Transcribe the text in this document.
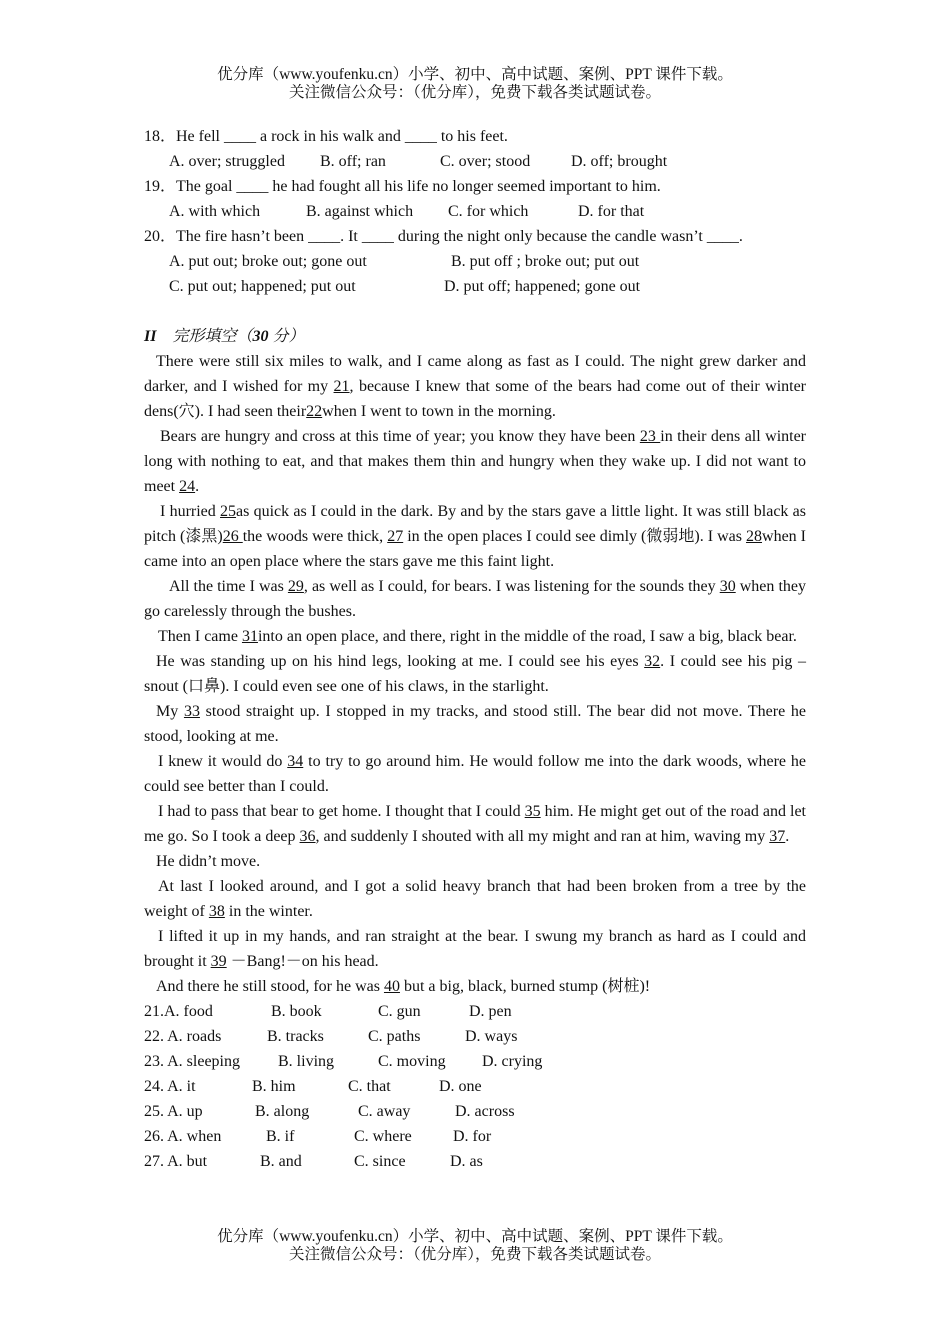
优分库（www.youfenku.cn）小学、初中、高中试题、案例、PPT 课件下载。
关注微信公众号：（优分库），免费下载各类试题试卷。
18．He fell ____ a rock in his walk and ____ to his feet.
A. over; struggled B. off; ran	C. over; stood	D. off; brought
19．The goal ____ he had fought all his life no longer seemed important to him.
A. with which	B. against which C. for which	D. for that
20．The fire hasn’t been ____. It ____ during the night only because the candle wasn’t ____.
A. put out; broke out; gone out	B. put off ; broke out; put out
C. put out; happened; put out	D. put off; happened; gone out
II 完形填空（30 分）
There were still six miles to walk, and I came along as fast as I could. The night grew darker and darker, and I wished for my 21, because I knew that some of the bears had come out of their winter dens(穴). I had seen their22when I went to town in the morning.
Bears are hungry and cross at this time of year; you know they have been 23 in their dens all winter long with nothing to eat, and that makes them thin and hungry when they wake up. I did not want to meet 24.
I hurried 25as quick as I could in the dark. By and by the stars gave a little light. It was still black as pitch (漆黑)26 the woods were thick, 27 in the open places I could see dimly (微弱地). I was 28when I came into an open place where the stars gave me this faint light.
All the time I was 29, as well as I could, for bears. I was listening for the sounds they 30 when they go carelessly through the bushes.
Then I came 31into an open place, and there, right in the middle of the road, I saw a big, black bear.
He was standing up on his hind legs, looking at me. I could see his eyes 32. I could see his pig – snout (口鼻). I could even see one of his claws, in the starlight.
My 33 stood straight up. I stopped in my tracks, and stood still. The bear did not move. There he stood, looking at me.
I knew it would do 34 to try to go around him. He would follow me into the dark woods, where he could see better than I could.
I had to pass that bear to get home. I thought that I could 35 him. He might get out of the road and let me go. So I took a deep 36, and suddenly I shouted with all my might and ran at him, waving my 37.
He didn’t move.
At last I looked around, and I got a solid heavy branch that had been broken from a tree by the weight of 38 in the winter.
I lifted it up in my hands, and ran straight at the bear. I swung my branch as hard as I could and brought it 39 －Bang!－on his head.
And there he still stood, for he was 40 but a big, black, burned stump (树桩)!
21.A. food	B. book	C. gun	D. pen
22. A. roads	B. tracks	C. paths	D. ways
23. A. sleeping B. living	C. moving D. crying
24. A. it	B. him	C. that	D. one
25. A. up	B. along	C. away	D. across
26. A. when	B. if	C. where	D. for
27. A. but	B. and	C. since	D. as
优分库（www.youfenku.cn）小学、初中、高中试题、案例、PPT 课件下载。
关注微信公众号：（优分库），免费下载各类试题试卷。
